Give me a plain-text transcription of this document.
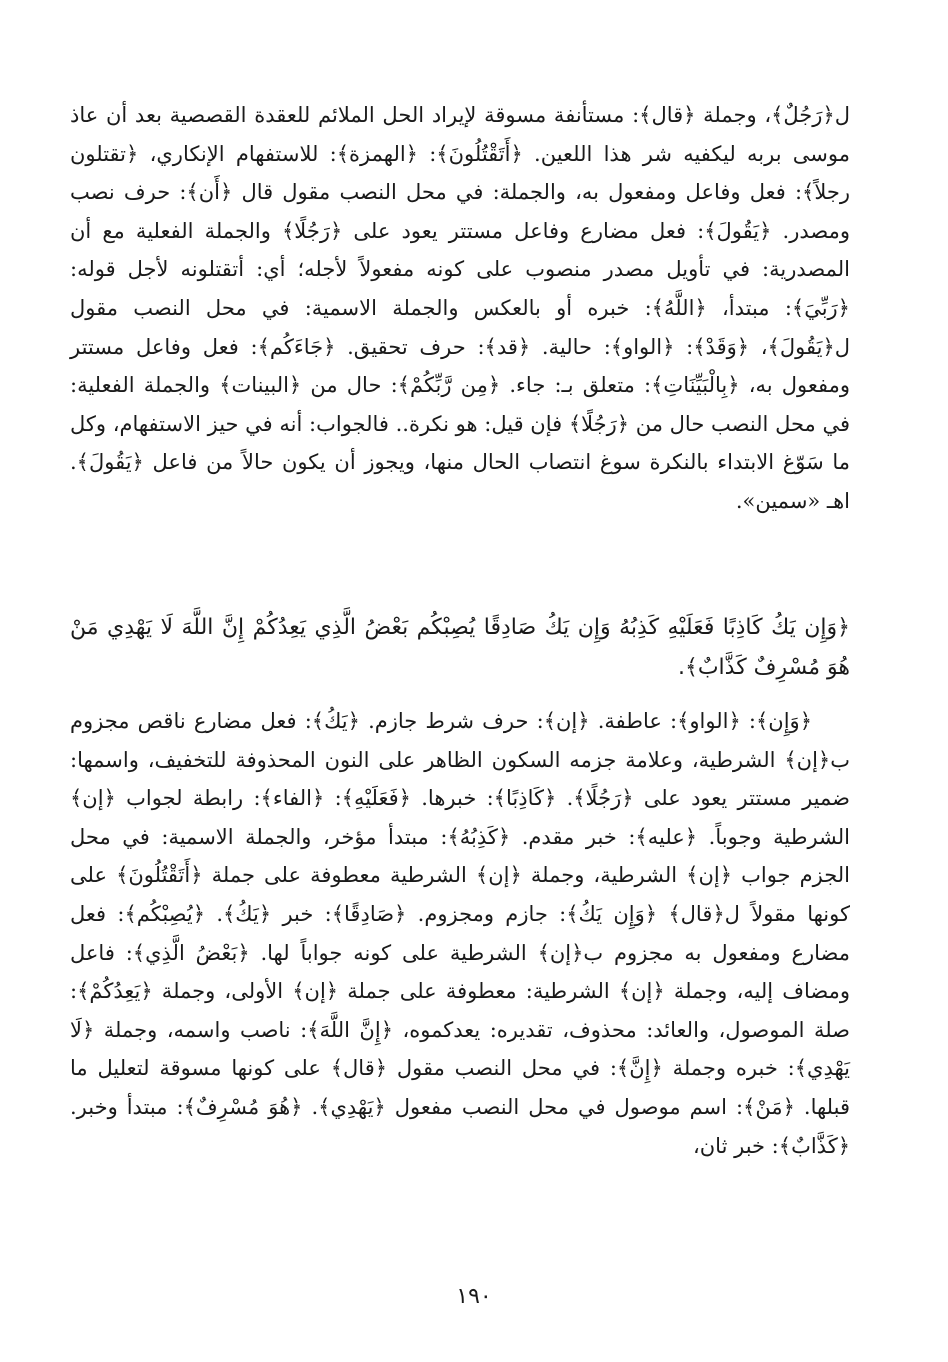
ل﴿رَجُلٌ﴾، وجملة ﴿قال﴾: مستأنفة مسوقة لإيراد الحل الملائم للعقدة القصصية بعد أن عاذ موسى بربه ليكفيه شر هذا اللعين. ﴿أَتَقْتُلُونَ﴾: ﴿الهمزة﴾: للاستفهام الإنكاري، ﴿تقتلون رجلاً﴾: فعل وفاعل ومفعول به، والجملة: في محل النصب مقول قال ﴿أَن﴾: حرف نصب ومصدر. ﴿يَقُولَ﴾: فعل مضارع وفاعل مستتر يعود على ﴿رَجُلًا﴾ والجملة الفعلية مع أن المصدرية: في تأويل مصدر منصوب على كونه مفعولاً لأجله؛ أي: أتقتلونه لأجل قوله: ﴿رَبِّيَ﴾: مبتدأ، ﴿اللَّهُ﴾: خبره أو بالعكس والجملة الاسمية: في محل النصب مقول ل﴿يَقُولَ﴾، ﴿وَقَدْ﴾: ﴿الواو﴾: حالية. ﴿قد﴾: حرف تحقيق. ﴿جَاءَكُم﴾: فعل وفاعل مستتر ومفعول به، ﴿بِالْبَيِّنَاتِ﴾: متعلق بـ: جاء. ﴿مِن رَّبِّكُمْ﴾: حال من ﴿البينات﴾ والجملة الفعلية: في محل النصب حال من ﴿رَجُلًا﴾ فإن قيل: هو نكرة.. فالجواب: أنه في حيز الاستفهام، وكل ما سَوّغ الابتداء بالنكرة سوغ انتصاب الحال منها، ويجوز أن يكون حالاً من فاعل ﴿يَقُولَ﴾. اهـ «سمين».

﴿وَإِن يَكُ كَاذِبًا فَعَلَيْهِ كَذِبُهُ وَإِن يَكُ صَادِقًا يُصِبْكُم بَعْضُ الَّذِي يَعِدُكُمْ إِنَّ اللَّهَ لَا يَهْدِي مَنْ هُوَ مُسْرِفٌ كَذَّابٌ﴾.

﴿وَإِن﴾: ﴿الواو﴾: عاطفة. ﴿إن﴾: حرف شرط جازم. ﴿يَكُ﴾: فعل مضارع ناقص مجزوم ب﴿إن﴾ الشرطية، وعلامة جزمه السكون الظاهر على النون المحذوفة للتخفيف، واسمها: ضمير مستتر يعود على ﴿رَجُلًا﴾. ﴿كَاذِبًا﴾: خبرها. ﴿فَعَلَيْهِ﴾: ﴿الفاء﴾: رابطة لجواب ﴿إن﴾ الشرطية وجوباً. ﴿عليه﴾: خبر مقدم. ﴿كَذِبُهُ﴾: مبتدأ مؤخر، والجملة الاسمية: في محل الجزم جواب ﴿إن﴾ الشرطية، وجملة ﴿إن﴾ الشرطية معطوفة على جملة ﴿أَتَقْتُلُونَ﴾ على كونها مقولاً ل﴿قال﴾ ﴿وَإِن يَكُ﴾: جازم ومجزوم. ﴿صَادِقًا﴾: خبر ﴿يَكُ﴾. ﴿يُصِبْكُم﴾: فعل مضارع ومفعول به مجزوم ب﴿إن﴾ الشرطية على كونه جواباً لها. ﴿بَعْضُ الَّذِي﴾: فاعل ومضاف إليه، وجملة ﴿إن﴾ الشرطية: معطوفة على جملة ﴿إن﴾ الأولى، وجملة ﴿يَعِدُكُمْ﴾: صلة الموصول، والعائد: محذوف، تقديره: يعدكموه، ﴿إِنَّ اللَّهَ﴾: ناصب واسمه، وجملة ﴿لَا يَهْدِي﴾: خبره وجملة ﴿إِنَّ﴾: في محل النصب مقول ﴿قال﴾ على كونها مسوقة لتعليل ما قبلها. ﴿مَنْ﴾: اسم موصول في محل النصب مفعول ﴿يَهْدِي﴾. ﴿هُوَ مُسْرِفٌ﴾: مبتدأ وخبر. ﴿كَذَّابٌ﴾: خبر ثان،

١٩٠
